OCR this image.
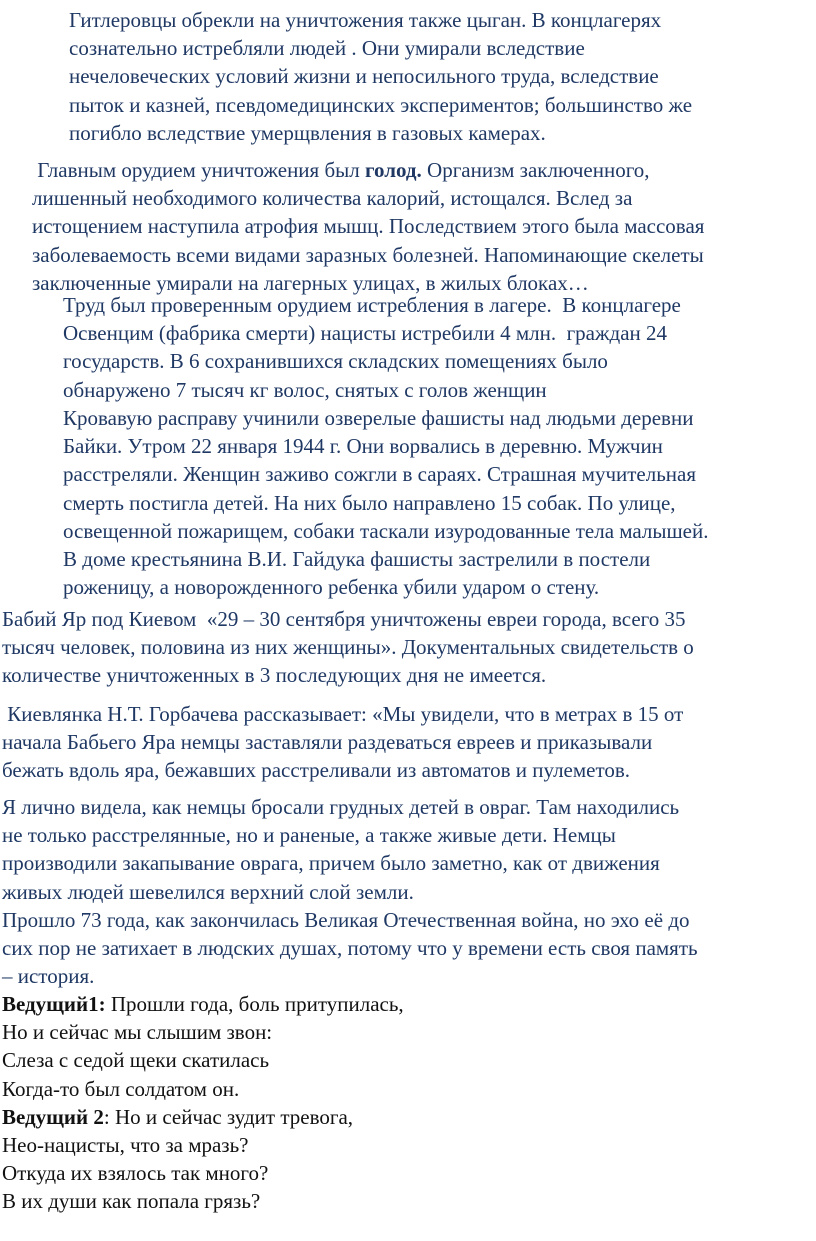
Гитлеровцы обрекли на уничтожения также цыган. В концлагерях
сознательно истребляли людей . Они умирали вследствие
нечеловеческих условий жизни и непосильного труда, вследствие
пыток и казней, псевдомедицинских экспериментов; большинство же
погибло вследствие умерщвления в газовых камерах.
Главным орудием уничтожения был голод. Организм заключенного,
лишенный необходимого количества калорий, истощался. Вслед за
истощением наступила атрофия мышц. Последствием этого была массовая
заболеваемость всеми видами заразных болезней. Напоминающие скелеты
заключенные умирали на лагерных улицах, в жилых блоках…
Труд был проверенным орудием истребления в лагере.  В концлагере
Освенцим (фабрика смерти) нацисты истребили 4 млн.  граждан 24
государств. В 6 сохранившихся складских помещениях было
обнаружено 7 тысяч кг волос, снятых с голов женщин
Кровавую расправу учинили озверелые фашисты над людьми деревни
Байки. Утром 22 января 1944 г. Они ворвались в деревню. Мужчин
расстреляли. Женщин заживо сожгли в сараях. Страшная мучительная
смерть постигла детей. На них было направлено 15 собак. По улице,
освещенной пожарищем, собаки таскали изуродованные тела малышей.
В доме крестьянина В.И. Гайдука фашисты застрелили в постели
роженицу, а новорожденного ребенка убили ударом о стену.
Бабий Яр под Киевом  «29 – 30 сентября уничтожены евреи города, всего 35
тысяч человек, половина из них женщины». Документальных свидетельств о
количестве уничтоженных в 3 последующих дня не имеется.
Киевлянка Н.Т. Горбачева рассказывает: «Мы увидели, что в метрах в 15 от
начала Бабьего Яра немцы заставляли раздеваться евреев и приказывали
бежать вдоль яра, бежавших расстреливали из автоматов и пулеметов.
Я лично видела, как немцы бросали грудных детей в овраг. Там находились
не только расстрелянные, но и раненые, а также живые дети. Немцы
производили закапывание оврага, причем было заметно, как от движения
живых людей шевелился верхний слой земли.
Прошло 73 года, как закончилась Великая Отечественная война, но эхо её до
сих пор не затихает в людских душах, потому что у времени есть своя память
– история.
Ведущий1: Прошли года, боль притупилась,
Но и сейчас мы слышим звон:
Слеза с седой щеки скатилась
Когда-то был солдатом он.
Ведущий 2: Но и сейчас зудит тревога,
Нео-нацисты, что за мразь?
Откуда их взялось так много?
В их души как попала грязь?
